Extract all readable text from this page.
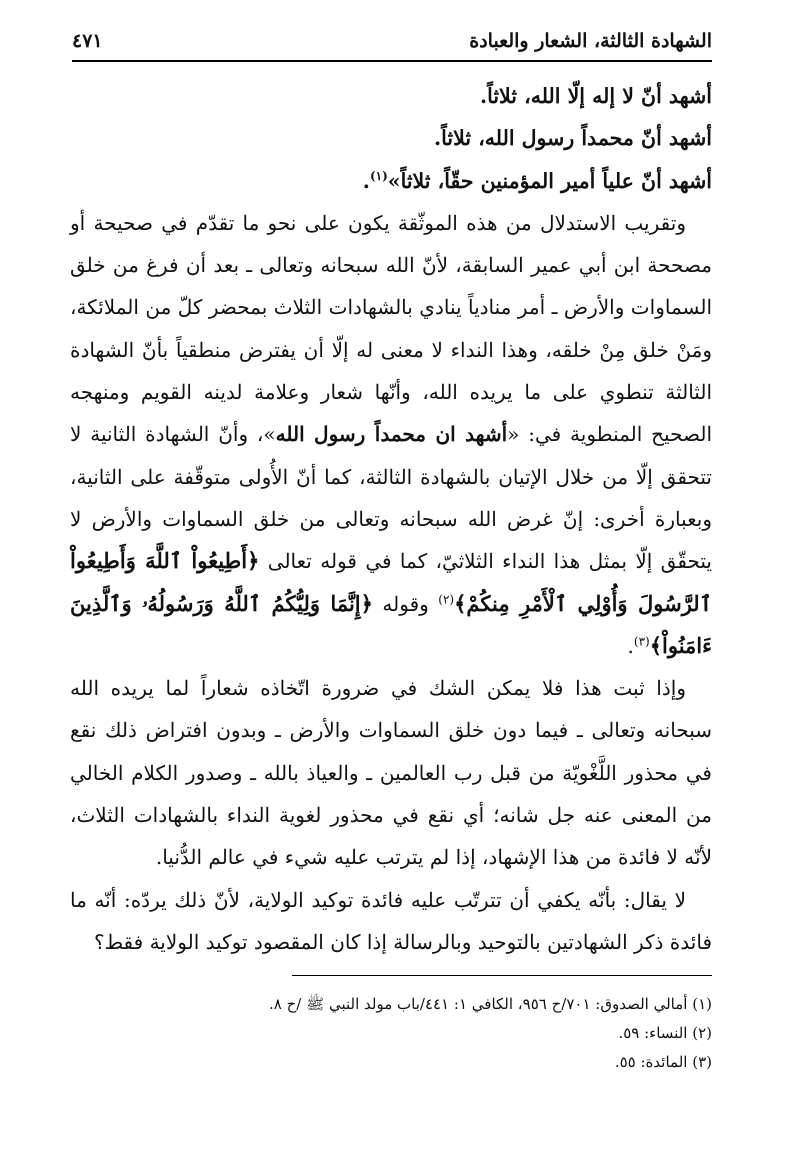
الشهادة الثالثة، الشعار والعبادة
٤٧١

أشهد أنّ لا إله إلّا الله، ثلاثاً.

أشهد أنّ محمداً رسول الله، ثلاثاً.

أشهد أنّ علياً أمير المؤمنين حقّاً، ثلاثاً»$^{(١)}$.

وتقريب الاستدلال من هذه الموثّقة يكون على نحو ما تقدّم في صحيحة أو مصححة ابن أبي عمير السابقة، لأنّ الله سبحانه وتعالى ـ بعد أن فرغ من خلق السماوات والأرض ـ أمر منادياً ينادي بالشهادات الثلاث بمحضر كلّ من الملائكة، ومَنْ خلق مِنْ خلقه، وهذا النداء لا معنى له إلّا أن يفترض منطقياً بأنّ الشهادة الثالثة تنطوي على ما يريده الله، وأنّها شعار وعلامة لدينه القويم ومنهجه الصحيح المنطوية في: «أشهد ان محمداً رسول الله»، وأنّ الشهادة الثانية لا تتحقق إلّا من خلال الإتيان بالشهادة الثالثة، كما أنّ الأُولى متوقّفة على الثانية، وبعبارة أخرى: إنّ غرض الله سبحانه وتعالى من خلق السماوات والأرض لا يتحقّق إلّا بمثل هذا النداء الثلاثيّ، كما في قوله تعالى ﴿أَطِيعُواْ ٱللَّهَ وَأَطِيعُواْ ٱلرَّسُولَ وَأُوْلِي ٱلْأَمْرِ مِنكُمْ﴾$^{(٢)}$ وقوله ﴿إِنَّمَا وَلِيُّكُمُ ٱللَّهُ وَرَسُولُهُۥ وَٱلَّذِينَ ءَامَنُواْ﴾$^{(٣)}$.

وإذا ثبت هذا فلا يمكن الشك في ضرورة اتّخاذه شعاراً لما يريده الله سبحانه وتعالى ـ فيما دون خلق السماوات والأرض ـ وبدون افتراض ذلك نقع في محذور اللَّغْويّة من قبل رب العالمين ـ والعياذ بالله ـ وصدور الكلام الخالي من المعنى عنه جل شانه؛ أي نقع في محذور لغوية النداء بالشهادات الثلاث، لأنّه لا فائدة من هذا الإشهاد، إذا لم يترتب عليه شيء في عالم الدُّنيا.

لا يقال: بأنّه يكفي أن تترتّب عليه فائدة توكيد الولاية، لأنّ ذلك يردّه: أنّه ما فائدة ذكر الشهادتين بالتوحيد وبالرسالة إذا كان المقصود توكيد الولاية فقط؟

(١) أمالي الصدوق: ٧٠١/ح ٩٥٦، الكافي ١: ٤٤١/باب مولد النبي ﷺ /ح ٨.

(٢) النساء: ٥٩.

(٣) المائدة: ٥٥.
